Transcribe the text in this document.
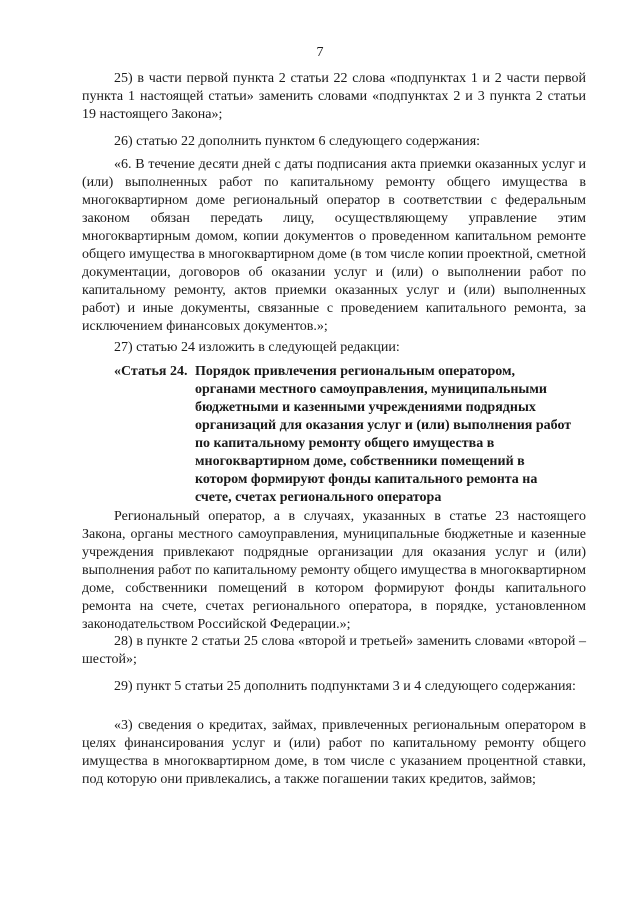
7

25) в части первой пункта 2 статьи 22 слова «подпунктах 1 и 2 части первой пункта 1 настоящей статьи» заменить словами «подпунктах 2 и 3 пункта 2 статьи 19 настоящего Закона»;

26) статью 22 дополнить пунктом 6 следующего содержания:

«6. В течение десяти дней с даты подписания акта приемки оказанных услуг и (или) выполненных работ по капитальному ремонту общего имущества в многоквартирном доме региональный оператор в соответствии с федеральным законом обязан передать лицу, осуществляющему управление этим многоквартирным домом, копии документов о проведенном капитальном ремонте общего имущества в многоквартирном доме (в том числе копии проектной, сметной документации, договоров об оказании услуг и (или) о выполнении работ по капитальному ремонту, актов приемки оказанных услуг и (или) выполненных работ) и иные документы, связанные с проведением капитального ремонта, за исключением финансовых документов.»;

27) статью 24 изложить в следующей редакции:

«Статья 24. Порядок привлечения региональным оператором, органами местного самоуправления, муниципальными бюджетными и казенными учреждениями подрядных организаций для оказания услуг и (или) выполнения работ по капитальному ремонту общего имущества в многоквартирном доме, собственники помещений в котором формируют фонды капитального ремонта на счете, счетах регионального оператора

Региональный оператор, а в случаях, указанных в статье 23 настоящего Закона, органы местного самоуправления, муниципальные бюджетные и казенные учреждения привлекают подрядные организации для оказания услуг и (или) выполнения работ по капитальному ремонту общего имущества в многоквартирном доме, собственники помещений в котором формируют фонды капитального ремонта на счете, счетах регионального оператора, в порядке, установленном законодательством Российской Федерации.»;

28) в пункте 2 статьи 25 слова «второй и третьей» заменить словами «второй – шестой»;

29) пункт 5 статьи 25 дополнить подпунктами 3 и 4 следующего содержания:

«3) сведения о кредитах, займах, привлеченных региональным оператором в целях финансирования услуг и (или) работ по капитальному ремонту общего имущества в многоквартирном доме, в том числе с указанием процентной ставки, под которую они привлекались, а также погашении таких кредитов, займов;
